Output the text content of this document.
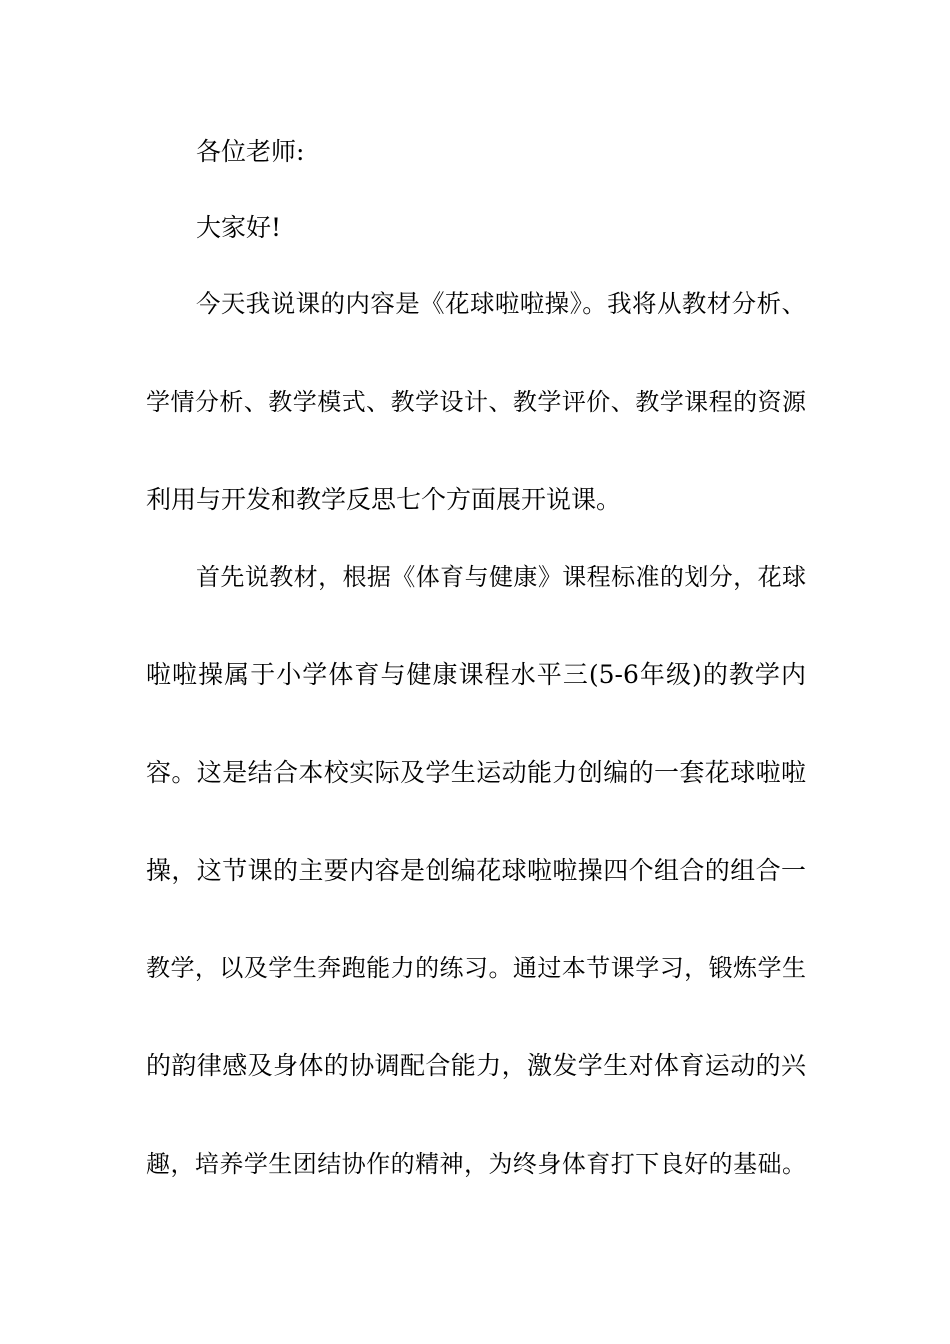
各位老师:
大家好!
今天我说课的内容是《花球啦啦操》。我将从教材分析、
学情分析、教学模式、教学设计、教学评价、教学课程的资源
利用与开发和教学反思七个方面展开说课。
首先说教材，根据《体育与健康》课程标准的划分，花球
啦啦操属于小学体育与健康课程水平三(5-6年级)的教学内
容。这是结合本校实际及学生运动能力创编的一套花球啦啦
操，这节课的主要内容是创编花球啦啦操四个组合的组合一
教学，以及学生奔跑能力的练习。通过本节课学习，锻炼学生
的韵律感及身体的协调配合能力，激发学生对体育运动的兴
趣，培养学生团结协作的精神，为终身体育打下良好的基础。
